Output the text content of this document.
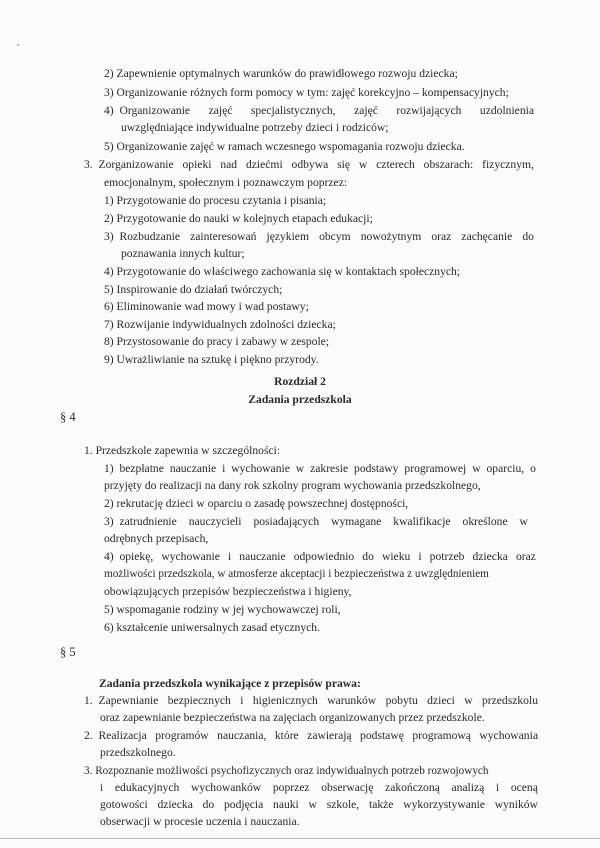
2) Zapewnienie optymalnych warunków do prawidłowego rozwoju dziecka;
3) Organizowanie różnych form pomocy w tym: zajęć korekcyjno – kompensacyjnych;
4)  Organizowanie zajęć specjalistycznych, zajęć rozwijających uzdolnienia
uwzględniające indywidualne potrzeby dzieci i rodziców;
5) Organizowanie zajęć w ramach wczesnego wspomagania rozwoju dziecka.
3.  Zorganizowanie opieki nad dziećmi odbywa się w czterech obszarach: fizycznym,
emocjonalnym, społecznym i poznawczym poprzez:
1) Przygotowanie do procesu czytania i pisania;
2) Przygotowanie do nauki w kolejnych etapach edukacji;
3)  Rozbudzanie zainteresowań językiem obcym nowożytnym oraz zachęcanie do
poznawania innych kultur;
4) Przygotowanie do właściwego zachowania się w kontaktach społecznych;
5) Inspirowanie do działań twórczych;
6) Eliminowanie wad mowy i wad postawy;
7) Rozwijanie indywidualnych zdolności dziecka;
8) Przystosowanie do pracy i zabawy w zespole;
9) Uwrażliwianie na sztukę i piękno przyrody.
Rozdział 2
Zadania przedszkola
§ 4
1. Przedszkole zapewnia w szczególności:
1)  bezpłatne nauczanie i wychowanie w zakresie podstawy programowej w oparciu, o
przyjęty do realizacji na dany rok szkolny program wychowania przedszkolnego,
2) rekrutację dzieci w oparciu o zasadę powszechnej dostępności,
3)  zatrudnienie nauczycieli posiadających wymagane kwalifikacje określone w
odrębnych przepisach,
4)  opiekę, wychowanie i nauczanie odpowiednio do wieku i potrzeb dziecka oraz
możliwości przedszkola, w atmosferze akceptacji i bezpieczeństwa z uwzględnieniem
obowiązujących przepisów bezpieczeństwa i higieny,
5) wspomaganie rodziny w jej wychowawczej roli,
6) kształcenie uniwersalnych zasad etycznych.
§ 5
Zadania przedszkola wynikające z przepisów prawa:
1.  Zapewnianie bezpiecznych i higienicznych warunków pobytu dzieci w przedszkolu
oraz zapewnianie bezpieczeństwa na zajęciach organizowanych przez przedszkole.
2.  Realizacja programów nauczania, które zawierają podstawę programową wychowania
przedszkolnego.
3. Rozpoznanie możliwości psychofizycznych oraz indywidualnych potrzeb rozwojowych
i edukacyjnych wychowanków poprzez obserwację zakończoną analizą i oceną
gotowości dziecka do podjęcia nauki w szkole, także wykorzystywanie wyników
obserwacji w procesie uczenia i nauczania.
